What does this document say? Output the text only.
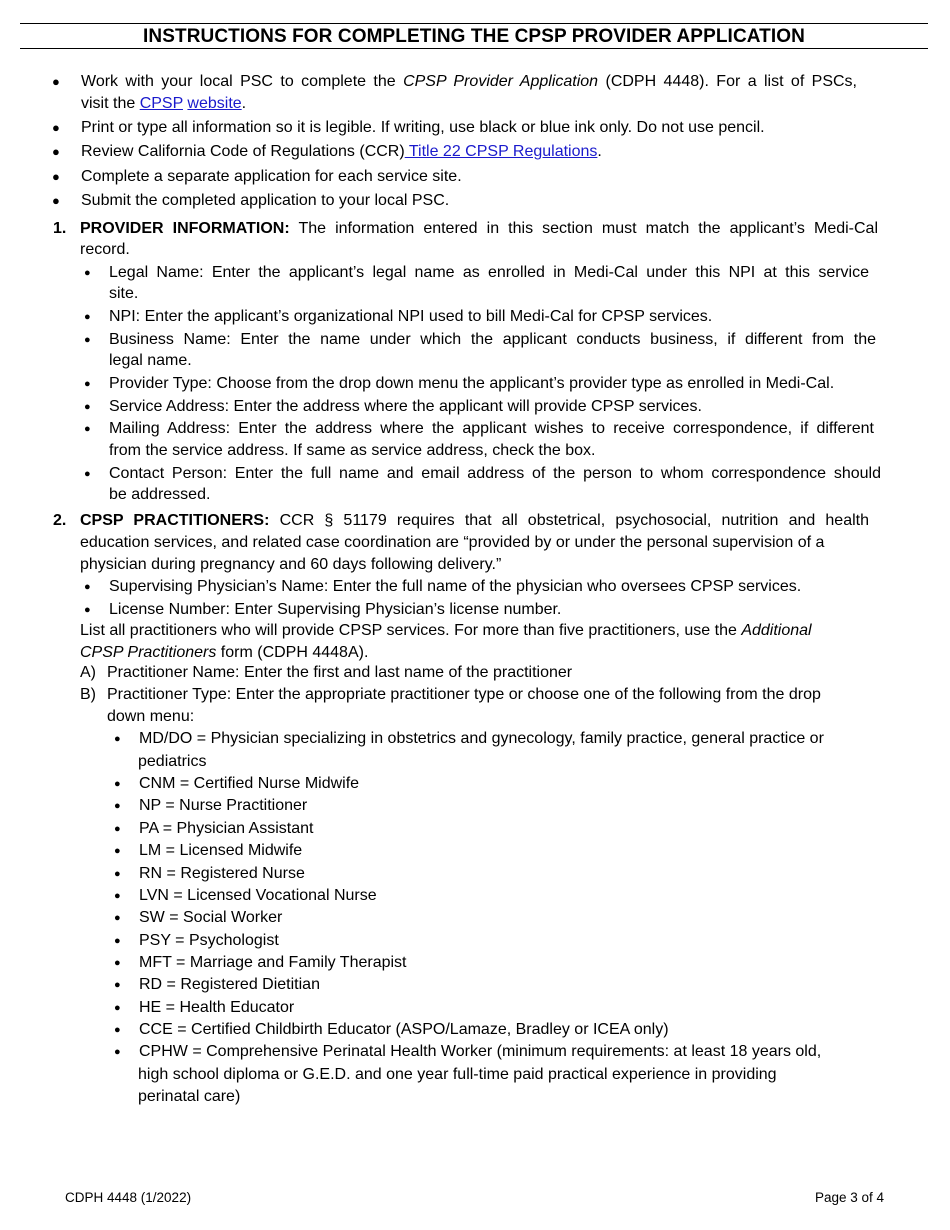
INSTRUCTIONS FOR COMPLETING THE CPSP PROVIDER APPLICATION
● Work with your local PSC to complete the CPSP Provider Application (CDPH 4448). For a list of PSCs,
visit the CPSP website.
● Print or type all information so it is legible. If writing, use black or blue ink only. Do not use pencil.
● Review California Code of Regulations (CCR) Title 22 CPSP Regulations.
● Complete a separate application for each service site.
● Submit the completed application to your local PSC.
1. PROVIDER INFORMATION: The information entered in this section must match the applicant’s Medi-Cal
record.
● Legal Name: Enter the applicant’s legal name as enrolled in Medi-Cal under this NPI at this service
site.
● NPI: Enter the applicant’s organizational NPI used to bill Medi-Cal for CPSP services.
● Business Name: Enter the name under which the applicant conducts business, if different from the
legal name.
● Provider Type: Choose from the drop down menu the applicant’s provider type as enrolled in Medi-Cal.
● Service Address: Enter the address where the applicant will provide CPSP services.
● Mailing Address: Enter the address where the applicant wishes to receive correspondence, if different
from the service address. If same as service address, check the box.
● Contact Person: Enter the full name and email address of the person to whom correspondence should
be addressed.
2. CPSP PRACTITIONERS: CCR § 51179 requires that all obstetrical, psychosocial, nutrition and health
education services, and related case coordination are “provided by or under the personal supervision of a
physician during pregnancy and 60 days following delivery.”
● Supervising Physician’s Name: Enter the full name of the physician who oversees CPSP services.
● License Number: Enter Supervising Physician’s license number.
List all practitioners who will provide CPSP services. For more than five practitioners, use the Additional
CPSP Practitioners form (CDPH 4448A).
A) Practitioner Name: Enter the first and last name of the practitioner
B) Practitioner Type: Enter the appropriate practitioner type or choose one of the following from the drop
down menu:
● MD/DO = Physician specializing in obstetrics and gynecology, family practice, general practice or
pediatrics
● CNM = Certified Nurse Midwife
● NP = Nurse Practitioner
● PA = Physician Assistant
● LM = Licensed Midwife
● RN = Registered Nurse
● LVN = Licensed Vocational Nurse
● SW = Social Worker
● PSY = Psychologist
● MFT = Marriage and Family Therapist
● RD = Registered Dietitian
● HE = Health Educator
● CCE = Certified Childbirth Educator (ASPO/Lamaze, Bradley or ICEA only)
● CPHW = Comprehensive Perinatal Health Worker (minimum requirements: at least 18 years old,
high school diploma or G.E.D. and one year full-time paid practical experience in providing
perinatal care)
CDPH 4448 (1/2022)	Page 3 of 4
